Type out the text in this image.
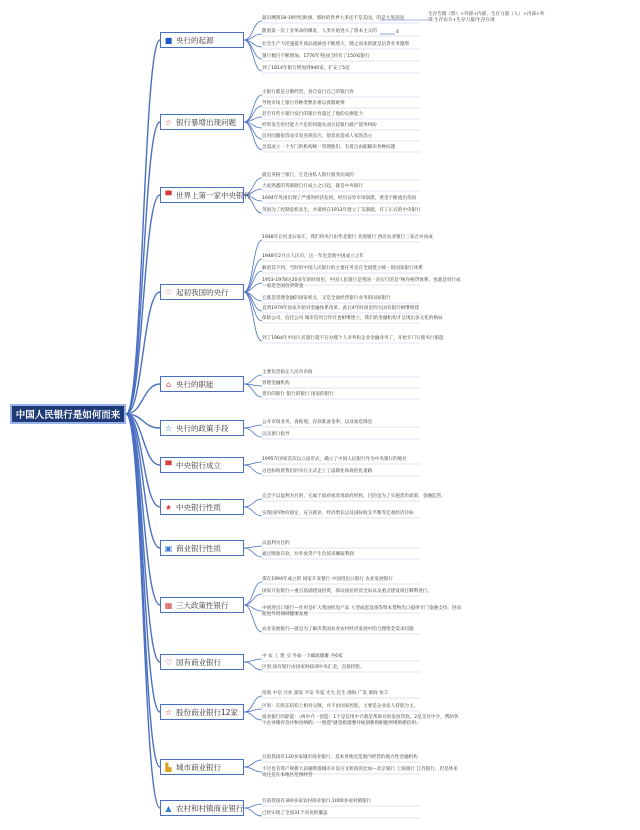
中国人民银行是如何而来
■ 央行的起源
☆ 银行暴增出现问题
▀ 世界上第一家中央银行
♡ 起初我国的央行
⌂ 央行的职能
☆ 央行的政策手段
▀ 中央银行成立
★ 中央银行性质
▣ 商业银行性质
▦ 三大政策性银行
♡ 国有商业银行
☆ 股份商业银行12家
▙ 城市商业银行
▲ 农村和村镇商业银行
最早溯到18-19世纪欧洲，那时的世界大多还不是美国，的是大英帝国
随着第一次工业革命的爆发，人类开始进入了资本主义的
社会生产力迅速提升商品流通也不断增大，随之而来的就是信贷业务激增
银行数目不断增加，1776年英国已经有了150家银行
到了1814年银行增加到940家，扩充了5倍
小银行都是分散经营，各自发行自己的银行券
导致市场上银行券种类繁杂难以真假难辨
甚至有些小银行发行的银行券超过了他的兑换能力
经常发生偿付能力不足的问题从而引起银行破产债务纠纷
信用问题很容易引发连锁反应，很容易造成人家的恐心
急需成立一个专门的机构统一管理他们，有着自由职解决各种问题
就是英格兰银行，它是由私人银行演变而成的
大家熟悉的英联储自打成立之日起，就是中央银行
1694年英国出现了严重的经济危机，经历证券市场崩溃，黄金不断流出英国
英国为了控制危机发生，并最终在1913年建立了美联储，有了正式的中央银行
1948年在河北石家庄，我们将央行由华北银行 北海银行 西北农业银行三家合并而成
1948年2月正人民币，这一年也是新中国成立之年
解放其不到，当时的中国人民银行的主要任务是在全国建立统一的国家银行体系
1953-1978这20多年的时间里，中国人民银行是我国一直实行的是“统存统贷体系，也就是说行成一家是全国信贷资金
它既是管理金融的国家机关，又是全面经营银行业务的国家银行
直到1979年国家开始对金融体系改革，此后4年时间里四大国有银行相继组建
保险公司，信托公司 城市信用合作社也相继建立，我们的金融机构才呈现出多元化的格局
到了1984年中国人民银行就不在办理个人业务和企业金融业务了，开始专门行使央行职能
主要负责稳定人民币币值
管理金融机构
货币的银行 银行的银行 国家的银行
公开市场业务，再贴现，存款准备金率，以及加息降息
以及窗口指导
1995年国家首次以立法形式，确立了中国人民银行作为中央银行的地位
这也标致着我们的央行正式走上了法制化和规范化道路
完全不以盈利为目的，它属于政府或者准政府机构，目的是为了实施货币政策，金融监管，
实现国内物价稳定，充分就业，经济增长以及国际收支平衡等宏观经济目标
以盈利为目的
通过吸收存款，对外放贷产生负债来赚取利润
那在1994年成立的 国家开发银行 中国进出口银行 农业发展银行
国家开发银行—重点基础建设投资，保证国民经济全局以及重点建设项目顺利进行。
中国进出口银行—作用是扩大我国机电产品 大型成套设备等资本货物出口提供专门金融支持，进而促进外贸领域健康发展
农业发展银行—就是为了解决我国农业农村经济发展中的合理资金需求问题
中 农 工 建 交 外加一个邮政储蓄 共6家
区别:国有银行由国家财政部中央汇金，直接控股。
招商 中信 兴业 浦发 平安 华夏 光大 民生 渤海 广发 浙商 恒丰
区别：在股东结构上相对分散，并不由国家控股，主要是企业法人持股为主。
商业银行的职能：（两中介一创造）1个是信用中介就是帮助存款发放贷款。2是支付中介，帮助各个企业储存会计和出纳的。一创造“就是指需要开拓创新的职能所增的派信用。
目前我国有130多家城市商业银行，基本各地近范围内经营的地方性金融机构
不过也有资产规模大获融资都城市开设分支机构的比如—北京银行 上海银行 江苏银行，但是体来说还是在本地区范围经营
目前我国有300多家农村商业银行,1000多家村镇银行
已经实现了全国31个省份的覆盖
生存告假（影）+外部+内部，生存力量（人）+内部+外部 生存农力+生存力量/生存在现
4
